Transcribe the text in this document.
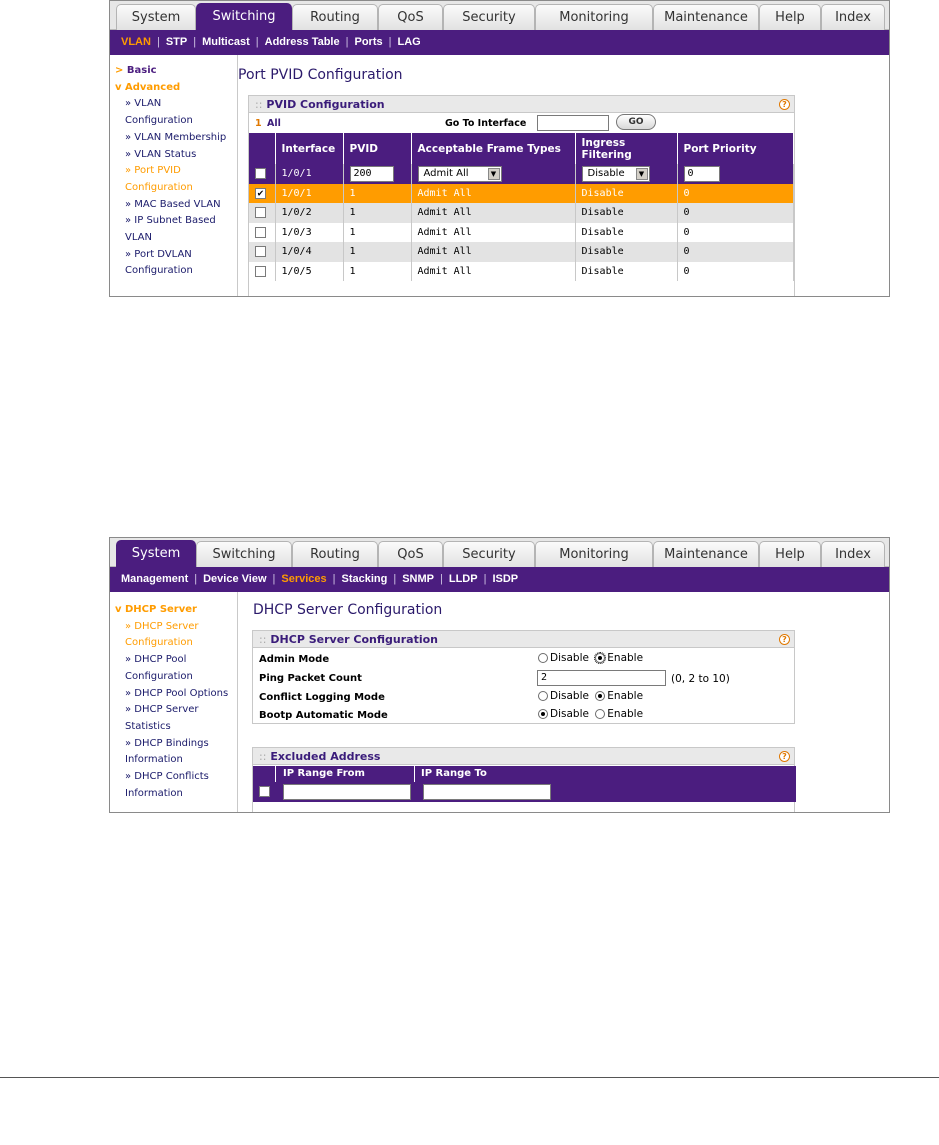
System	Switching	Routing	QoS	Security	Monitoring	Maintenance	Help	Index
VLAN | STP | Multicast | Address Table | Ports | LAG
> Basic
v Advanced
» VLAN
Configuration
» VLAN Membership
» VLAN Status
» Port PVID
Configuration
» MAC Based VLAN
» IP Subnet Based
VLAN
» Port DVLAN
Configuration
Port PVID Configuration
:: PVID Configuration	?
1 All	Go To Interface	GO
	Interface	PVID	Acceptable Frame Types	Ingress Filtering	Port Priority
	1/0/1	200	Admit All ▼	Disable ▼	0
✔	1/0/1	1	Admit All	Disable	0
	1/0/2	1	Admit All	Disable	0
	1/0/3	1	Admit All	Disable	0
	1/0/4	1	Admit All	Disable	0
	1/0/5	1	Admit All	Disable	0
System	Switching	Routing	QoS	Security	Monitoring	Maintenance	Help	Index
Management | Device View | Services | Stacking | SNMP | LLDP | ISDP
v DHCP Server
» DHCP Server
Configuration
» DHCP Pool
Configuration
» DHCP Pool Options
» DHCP Server
Statistics
» DHCP Bindings
Information
» DHCP Conflicts
Information
DHCP Server Configuration
:: DHCP Server Configuration	?
Admin Mode	Disable Enable
Ping Packet Count	2	(0, 2 to 10)
Conflict Logging Mode	Disable Enable
Bootp Automatic Mode	Disable Enable
:: Excluded Address	?
IP Range From	IP Range To
